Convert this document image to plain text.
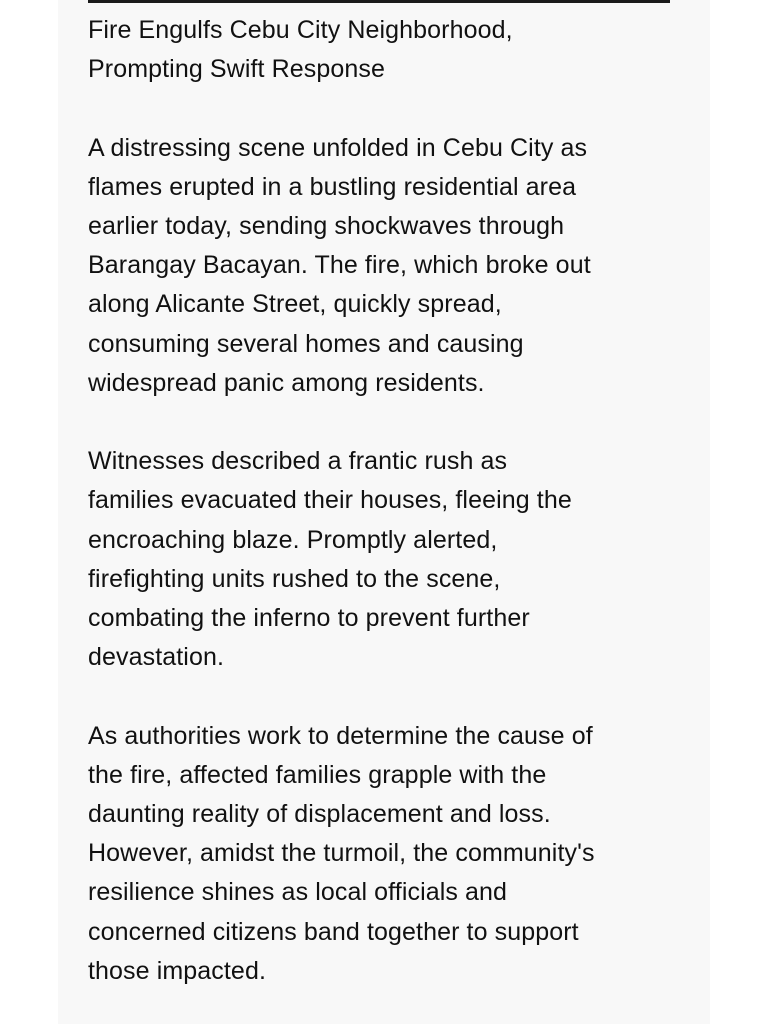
Fire Engulfs Cebu City Neighborhood,
Prompting Swift Response

A distressing scene unfolded in Cebu City as
flames erupted in a bustling residential area
earlier today, sending shockwaves through
Barangay Bacayan. The fire, which broke out
along Alicante Street, quickly spread,
consuming several homes and causing
widespread panic among residents.

Witnesses described a frantic rush as
families evacuated their houses, fleeing the
encroaching blaze. Promptly alerted,
firefighting units rushed to the scene,
combating the inferno to prevent further
devastation.

As authorities work to determine the cause of
the fire, affected families grapple with the
daunting reality of displacement and loss.
However, amidst the turmoil, the community's
resilience shines as local officials and
concerned citizens band together to support
those impacted.
